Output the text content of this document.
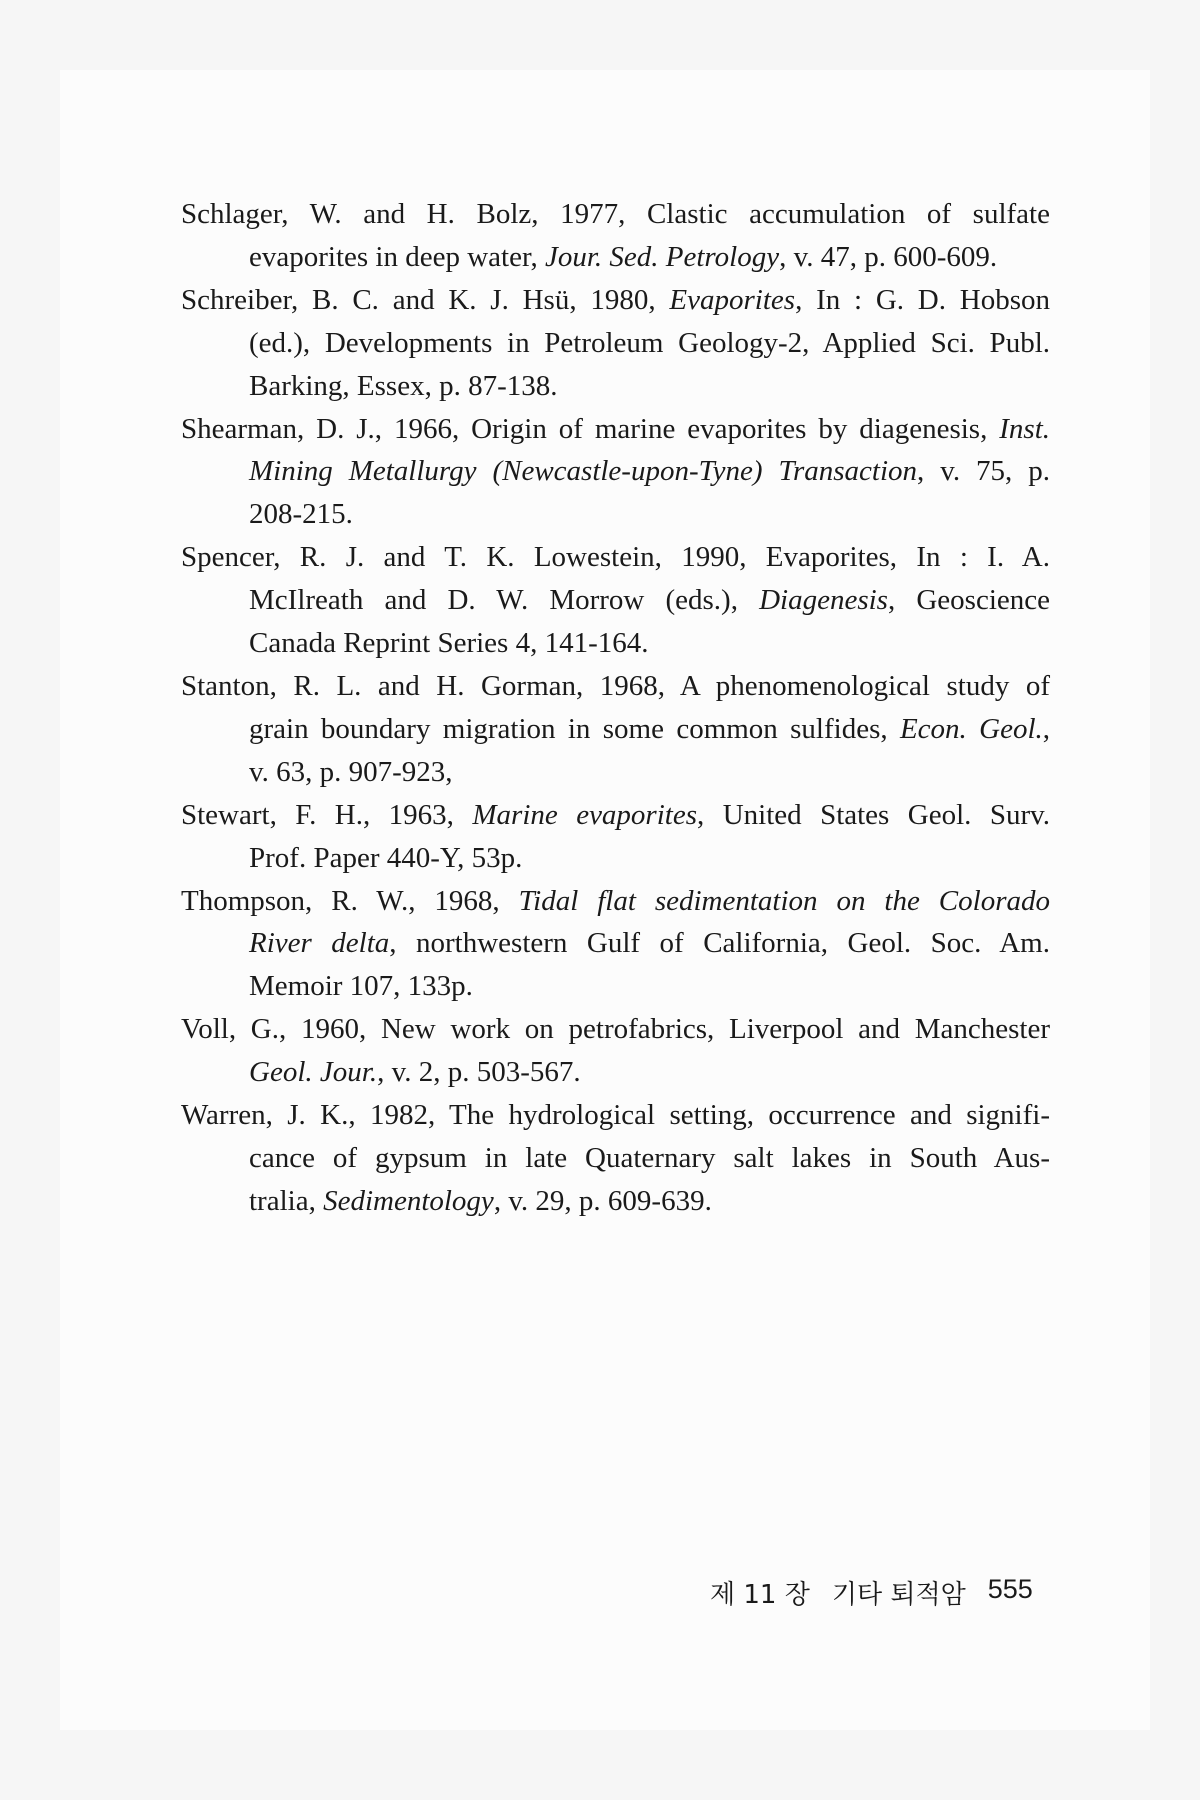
Schlager, W. and H. Bolz, 1977, Clastic accumulation of sulfate
evaporites in deep water, Jour. Sed. Petrology, v. 47, p. 600-609.
Schreiber, B. C. and K. J. Hsü, 1980, Evaporites, In : G. D. Hobson
(ed.), Developments in Petroleum Geology-2, Applied Sci. Publ.
Barking, Essex, p. 87-138.
Shearman, D. J., 1966, Origin of marine evaporites by diagenesis, Inst.
Mining Metallurgy (Newcastle-upon-Tyne) Transaction, v. 75, p.
208-215.
Spencer, R. J. and T. K. Lowestein, 1990, Evaporites, In : I. A.
McIlreath and D. W. Morrow (eds.), Diagenesis, Geoscience
Canada Reprint Series 4, 141-164.
Stanton, R. L. and H. Gorman, 1968, A phenomenological study of
grain boundary migration in some common sulfides, Econ. Geol.,
v. 63, p. 907-923,
Stewart, F. H., 1963, Marine evaporites, United States Geol. Surv.
Prof. Paper 440-Y, 53p.
Thompson, R. W., 1968, Tidal flat sedimentation on the Colorado
River delta, northwestern Gulf of California, Geol. Soc. Am.
Memoir 107, 133p.
Voll, G., 1960, New work on petrofabrics, Liverpool and Manchester
Geol. Jour., v. 2, p. 503-567.
Warren, J. K., 1982, The hydrological setting, occurrence and signifi-
cance of gypsum in late Quaternary salt lakes in South Aus-
tralia, Sedimentology, v. 29, p. 609-639.
제 11 장 기타 퇴적암 555
